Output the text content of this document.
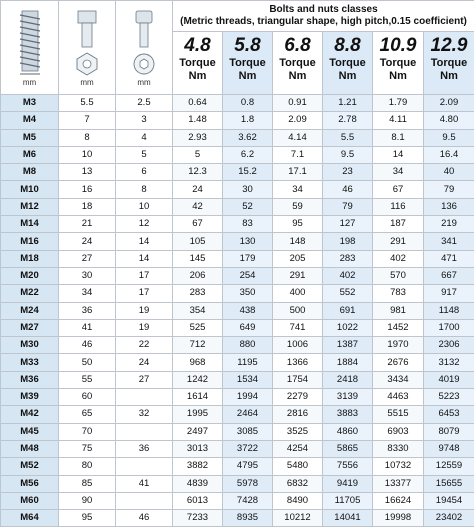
mm	mm	mm	Bolts and nuts classes
(Metric threads, triangular shape, high pitch,0.15 coefficient)					

			4.8
Torque
Nm	5.8
Torque
Nm	6.8
Torque
Nm	8.8
Torque
Nm	10.9
Torque
Nm	12.9
Torque
Nm

M3	5.5	2.5	0.64	0.8	0.91	1.21	1.79	2.09
M4	7	3	1.48	1.8	2.09	2.78	4.11	4.80
M5	8	4	2.93	3.62	4.14	5.5	8.1	9.5
M6	10	5	5	6.2	7.1	9.5	14	16.4
M8	13	6	12.3	15.2	17.1	23	34	40
M10	16	8	24	30	34	46	67	79
M12	18	10	42	52	59	79	116	136
M14	21	12	67	83	95	127	187	219
M16	24	14	105	130	148	198	291	341
M18	27	14	145	179	205	283	402	471
M20	30	17	206	254	291	402	570	667
M22	34	17	283	350	400	552	783	917
M24	36	19	354	438	500	691	981	1148
M27	41	19	525	649	741	1022	1452	1700
M30	46	22	712	880	1006	1387	1970	2306
M33	50	24	968	1195	1366	1884	2676	3132
M36	55	27	1242	1534	1754	2418	3434	4019
M39	60		1614	1994	2279	3139	4463	5223
M42	65	32	1995	2464	2816	3883	5515	6453
M45	70		2497	3085	3525	4860	6903	8079
M48	75	36	3013	3722	4254	5865	8330	9748
M52	80		3882	4795	5480	7556	10732	12559
M56	85	41	4839	5978	6832	9419	13377	15655
M60	90		6013	7428	8490	11705	16624	19454
M64	95	46	7233	8935	10212	14041	19998	23402
